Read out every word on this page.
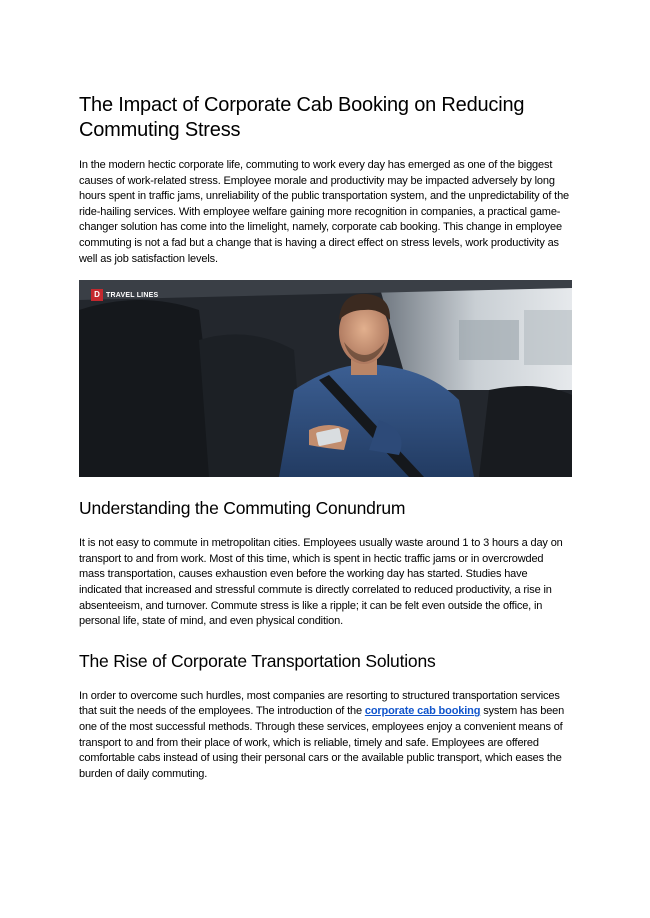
The Impact of Corporate Cab Booking on Reducing Commuting Stress

In the modern hectic corporate life, commuting to work every day has emerged as one of the biggest causes of work-related stress. Employee morale and productivity may be impacted adversely by long hours spent in traffic jams, unreliability of the public transportation system, and the unpredictability of the ride-hailing services. With employee welfare gaining more recognition in companies, a practical game-changer solution has come into the limelight, namely, corporate cab booking. This change in employee commuting is not a fad but a change that is having a direct effect on stress levels, work productivity as well as job satisfaction levels.

D TRAVEL LINES
Understanding the Commuting Conundrum

It is not easy to commute in metropolitan cities. Employees usually waste around 1 to 3 hours a day on transport to and from work. Most of this time, which is spent in hectic traffic jams or in overcrowded mass transportation, causes exhaustion even before the working day has started. Studies have indicated that increased and stressful commute is directly correlated to reduced productivity, a rise in absenteeism, and turnover. Commute stress is like a ripple; it can be felt even outside the office, in personal life, state of mind, and even physical condition.

The Rise of Corporate Transportation Solutions

In order to overcome such hurdles, most companies are resorting to structured transportation services that suit the needs of the employees. The introduction of the corporate cab booking system has been one of the most successful methods. Through these services, employees enjoy a convenient means of transport to and from their place of work, which is reliable, timely and safe. Employees are offered comfortable cabs instead of using their personal cars or the available public transport, which eases the burden of daily commuting.
